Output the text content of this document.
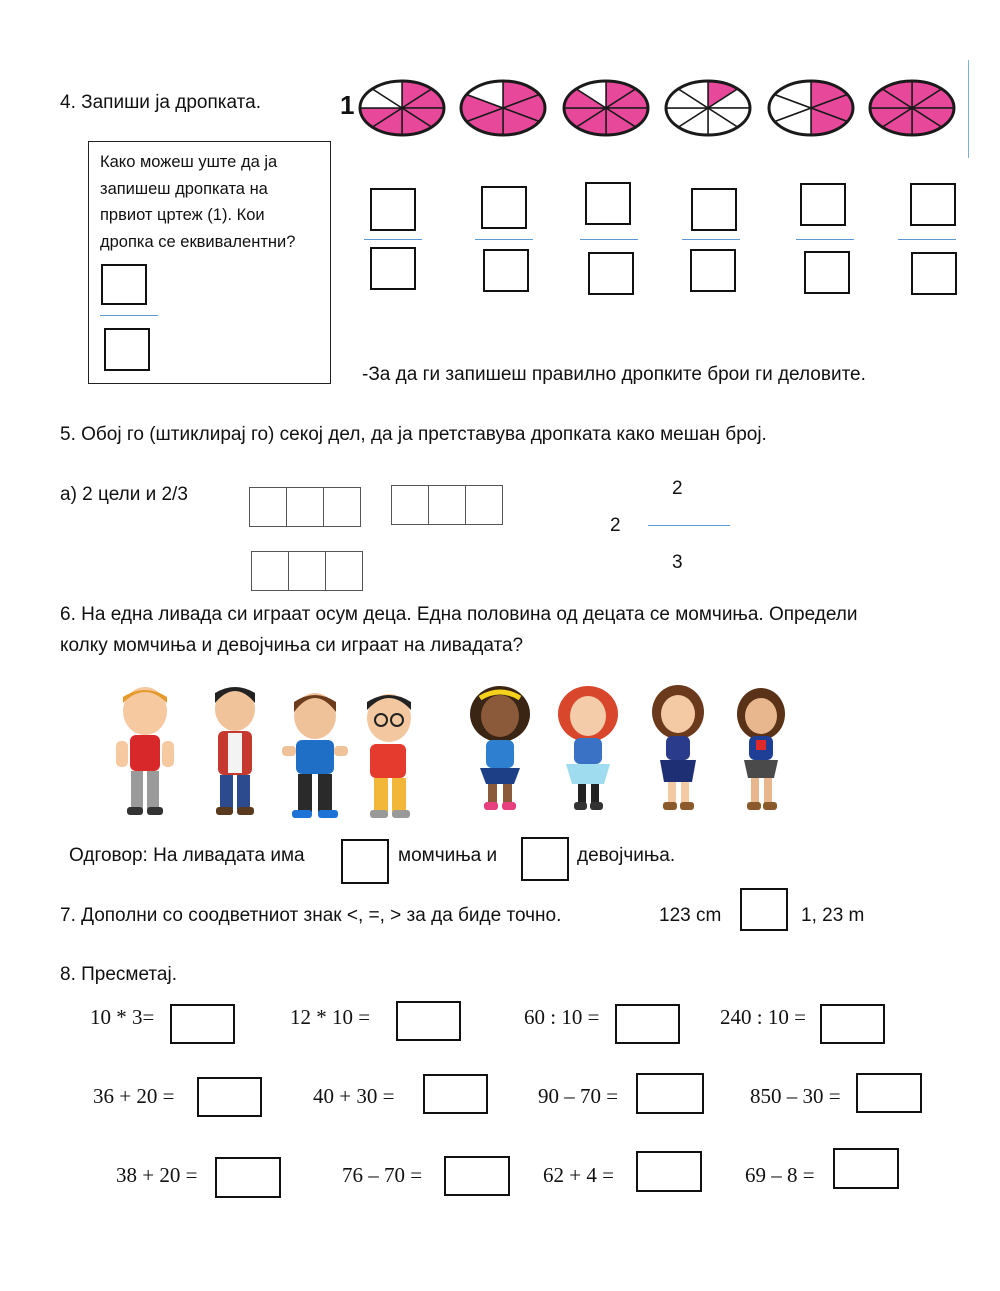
4. Запиши ја дропката.	1
Како можеш уште да ја запишеш дропката на првиот цртеж (1). Кои дропка се еквивалентни?
-За да ги запишеш правилно дропките брои ги деловите.
5. Обој го (штиклирај го) секој дел, да ја претставува дропката како мешан број.
а) 2 цели и 2/3	2
2
3
6. На една ливада си играат осум деца. Една половина од децата се момчиња. Определи
колку момчиња и девојчиња си играат на ливадата?
Одговор: На ливадата има	момчиња и	девојчиња.
7. Дополни со соодветниот знак <, =, > за да биде точно.	123 cm	1, 23 m
8. Пресметај.
10 * 3=	12 * 10 =	60 : 10 =	240 : 10 =
36 + 20 =	40 + 30 =	90 – 70 =	850 – 30 =
38 + 20 =	76 – 70 =	62 + 4 =	69 – 8 =
